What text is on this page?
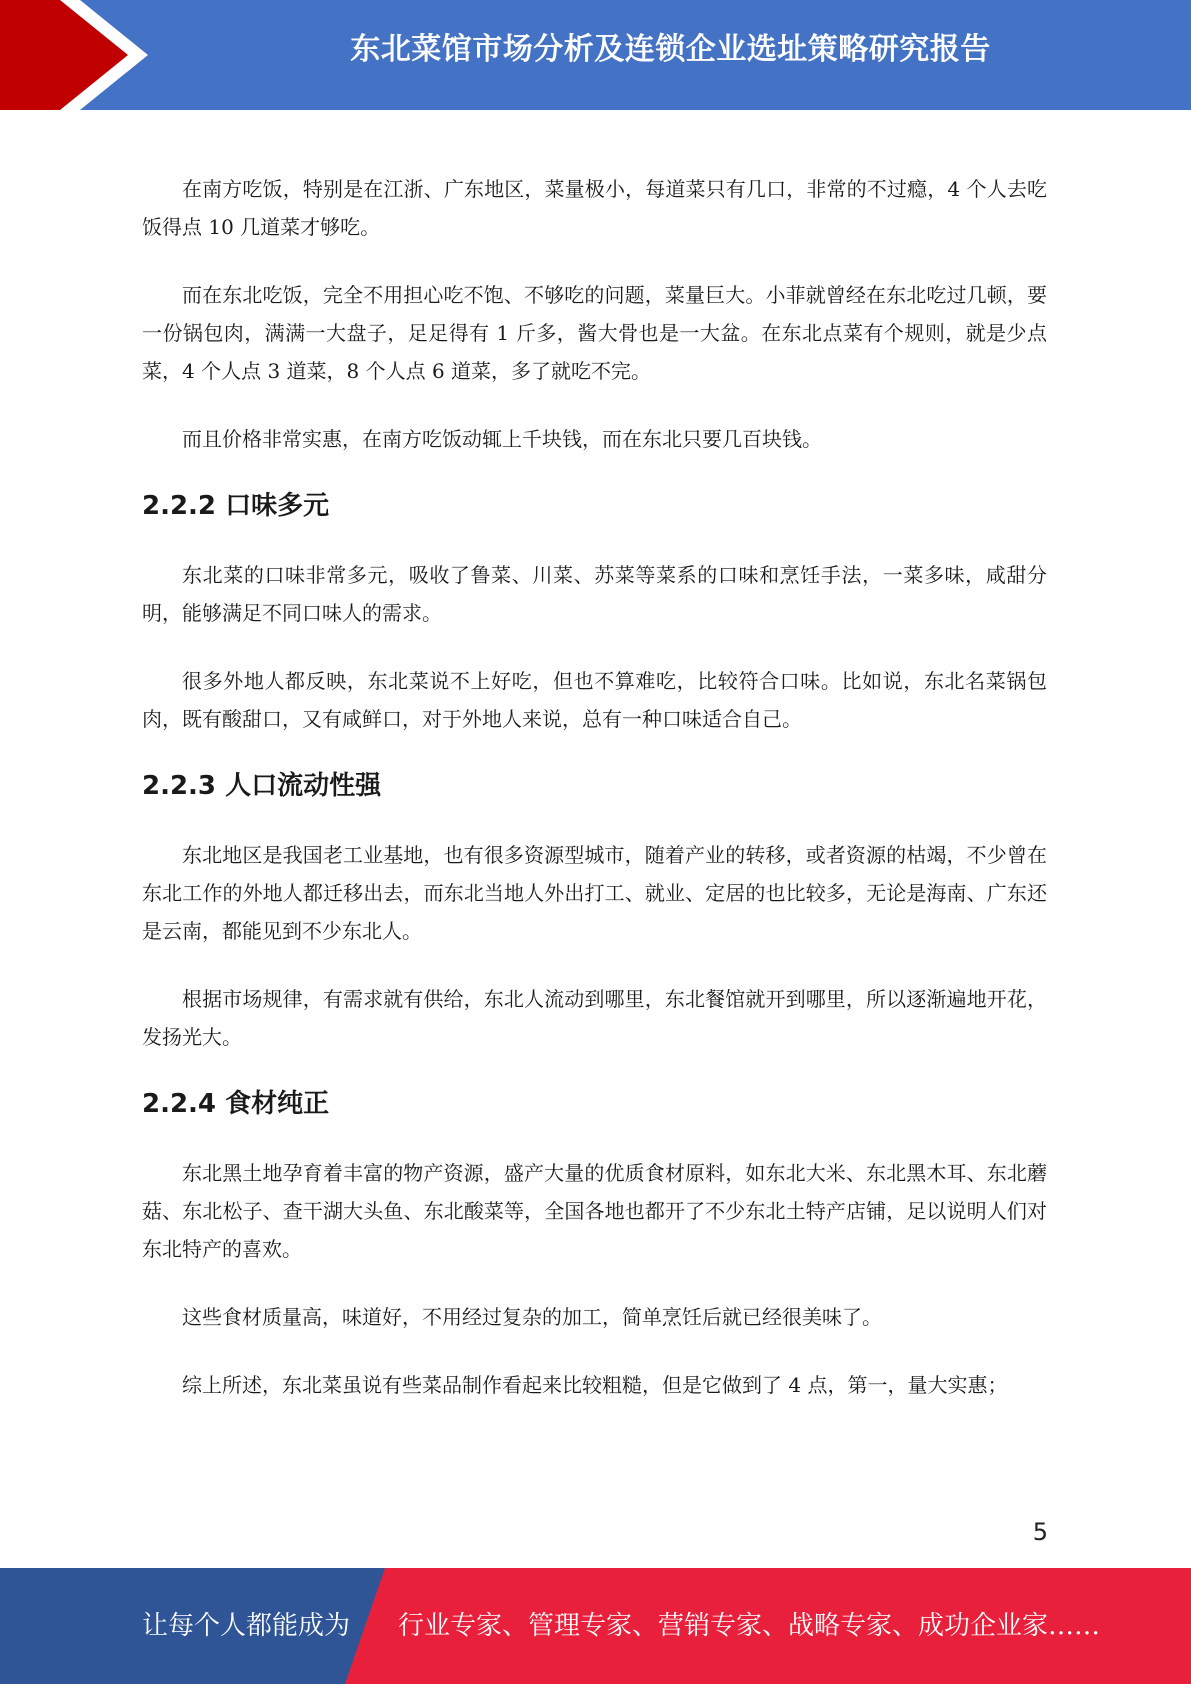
东北菜馆市场分析及连锁企业选址策略研究报告

在南方吃饭，特别是在江浙、广东地区，菜量极小，每道菜只有几口，非常的不过瘾，4 个人去吃饭得点 10 几道菜才够吃。

而在东北吃饭，完全不用担心吃不饱、不够吃的问题，菜量巨大。小菲就曾经在东北吃过几顿，要一份锅包肉，满满一大盘子，足足得有 1 斤多，酱大骨也是一大盆。在东北点菜有个规则，就是少点菜，4 个人点 3 道菜，8 个人点 6 道菜，多了就吃不完。

而且价格非常实惠，在南方吃饭动辄上千块钱，而在东北只要几百块钱。

2.2.2 口味多元

东北菜的口味非常多元，吸收了鲁菜、川菜、苏菜等菜系的口味和烹饪手法，一菜多味，咸甜分明，能够满足不同口味人的需求。

很多外地人都反映，东北菜说不上好吃，但也不算难吃，比较符合口味。比如说，东北名菜锅包肉，既有酸甜口，又有咸鲜口，对于外地人来说，总有一种口味适合自己。

2.2.3 人口流动性强

东北地区是我国老工业基地，也有很多资源型城市，随着产业的转移，或者资源的枯竭，不少曾在东北工作的外地人都迁移出去，而东北当地人外出打工、就业、定居的也比较多，无论是海南、广东还是云南，都能见到不少东北人。

根据市场规律，有需求就有供给，东北人流动到哪里，东北餐馆就开到哪里，所以逐渐遍地开花，发扬光大。

2.2.4 食材纯正

东北黑土地孕育着丰富的物产资源，盛产大量的优质食材原料，如东北大米、东北黑木耳、东北蘑菇、东北松子、查干湖大头鱼、东北酸菜等，全国各地也都开了不少东北土特产店铺，足以说明人们对东北特产的喜欢。

这些食材质量高，味道好，不用经过复杂的加工，简单烹饪后就已经很美味了。

综上所述，东北菜虽说有些菜品制作看起来比较粗糙，但是它做到了 4 点，第一，量大实惠；

5
让每个人都能成为 行业专家、管理专家、营销专家、战略专家、成功企业家……
